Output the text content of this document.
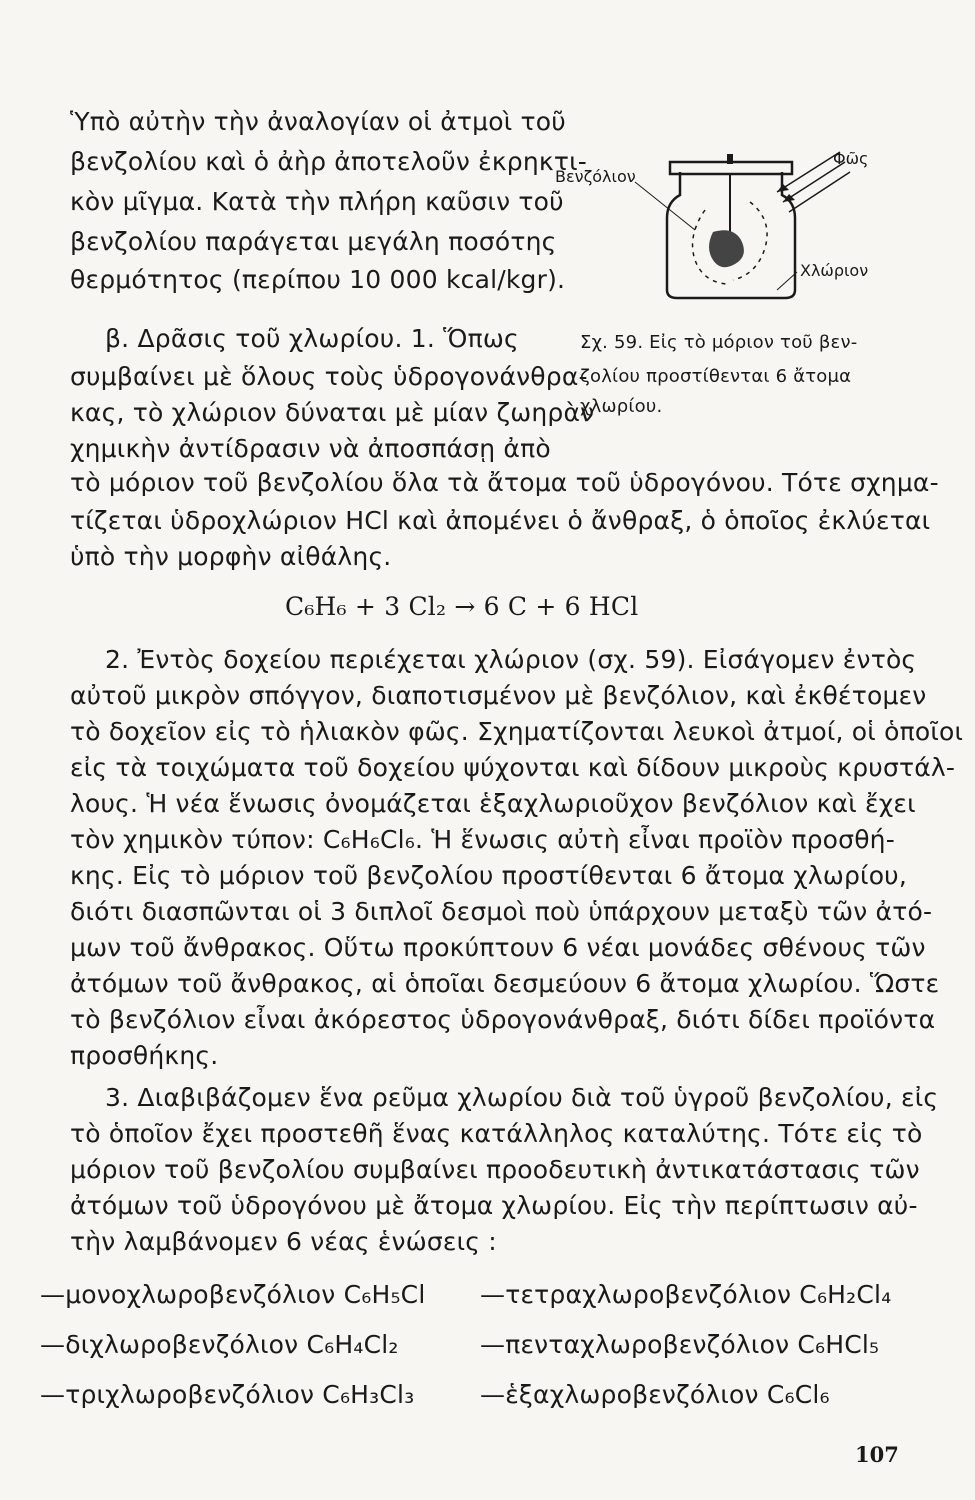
Ὑπὸ αὐτὴν τὴν ἀναλογίαν οἱ ἀτμοὶ τοῦ

βενζολίου καὶ ὁ ἀὴρ ἀποτελοῦν ἐκρηκτι-

κὸν μῖγμα. Κατὰ τὴν πλήρη καῦσιν τοῦ

βενζολίου παράγεται μεγάλη ποσότης

θερμότητος (περίπου 10 000 kcal/kgr).

β. Δρᾶσις τοῦ χλωρίου. 1. Ὅπως

συμβαίνει μὲ ὅλους τοὺς ὑδρογονάνθρα-

κας, τὸ χλώριον δύναται μὲ μίαν ζωηρὰν

χημικὴν ἀντίδρασιν νὰ ἀποσπάσῃ ἀπὸ

Βενζόλιον
Φῶς
Χλώριον

Σχ. 59. Εἰς τὸ μόριον τοῦ βεν-

ζολίου προστίθενται 6 ἄτομα

χλωρίου.

τὸ μόριον τοῦ βενζολίου ὅλα τὰ ἄτομα τοῦ ὑδρογόνου. Τότε σχημα-

τίζεται ὑδροχλώριον HCl καὶ ἀπομένει ὁ ἄνθραξ, ὁ ὁποῖος ἐκλύεται

ὑπὸ τὴν μορφὴν αἰθάλης.

C₆H₆ + 3 Cl₂ → 6 C + 6 HCl

2. Ἐντὸς δοχείου περιέχεται χλώριον (σχ. 59). Εἰσάγομεν ἐντὸς

αὐτοῦ μικρὸν σπόγγον, διαποτισμένον μὲ βενζόλιον, καὶ ἐκθέτομεν

τὸ δοχεῖον εἰς τὸ ἡλιακὸν φῶς. Σχηματίζονται λευκοὶ ἀτμοί, οἱ ὁποῖοι

εἰς τὰ τοιχώματα τοῦ δοχείου ψύχονται καὶ δίδουν μικροὺς κρυστάλ-

λους. Ἡ νέα ἕνωσις ὀνομάζεται ἑξαχλωριοῦχον βενζόλιον καὶ ἔχει

τὸν χημικὸν τύπον: C₆H₆Cl₆. Ἡ ἕνωσις αὐτὴ εἶναι προϊὸν προσθή-

κης. Εἰς τὸ μόριον τοῦ βενζολίου προστίθενται 6 ἄτομα χλωρίου,

διότι διασπῶνται οἱ 3 διπλοῖ δεσμοὶ ποὺ ὑπάρχουν μεταξὺ τῶν ἀτό-

μων τοῦ ἄνθρακος. Οὕτω προκύπτουν 6 νέαι μονάδες σθένους τῶν

ἀτόμων τοῦ ἄνθρακος, αἱ ὁποῖαι δεσμεύουν 6 ἄτομα χλωρίου. Ὥστε

τὸ βενζόλιον εἶναι ἀκόρεστος ὑδρογονάνθραξ, διότι δίδει προϊόντα

προσθήκης.

3. Διαβιβάζομεν ἕνα ρεῦμα χλωρίου διὰ τοῦ ὑγροῦ βενζολίου, εἰς

τὸ ὁποῖον ἔχει προστεθῆ ἕνας κατάλληλος καταλύτης. Τότε εἰς τὸ

μόριον τοῦ βενζολίου συμβαίνει προοδευτικὴ ἀντικατάστασις τῶν

ἀτόμων τοῦ ὑδρογόνου μὲ ἄτομα χλωρίου. Εἰς τὴν περίπτωσιν αὐ-

τὴν λαμβάνομεν 6 νέας ἑνώσεις :

—μονοχλωροβενζόλιον C₆H₅Cl

—διχλωροβενζόλιον C₆H₄Cl₂

—τριχλωροβενζόλιον C₆H₃Cl₃

—τετραχλωροβενζόλιον C₆H₂Cl₄

—πενταχλωροβενζόλιον C₆HCl₅

—ἑξαχλωροβενζόλιον C₆Cl₆

107
